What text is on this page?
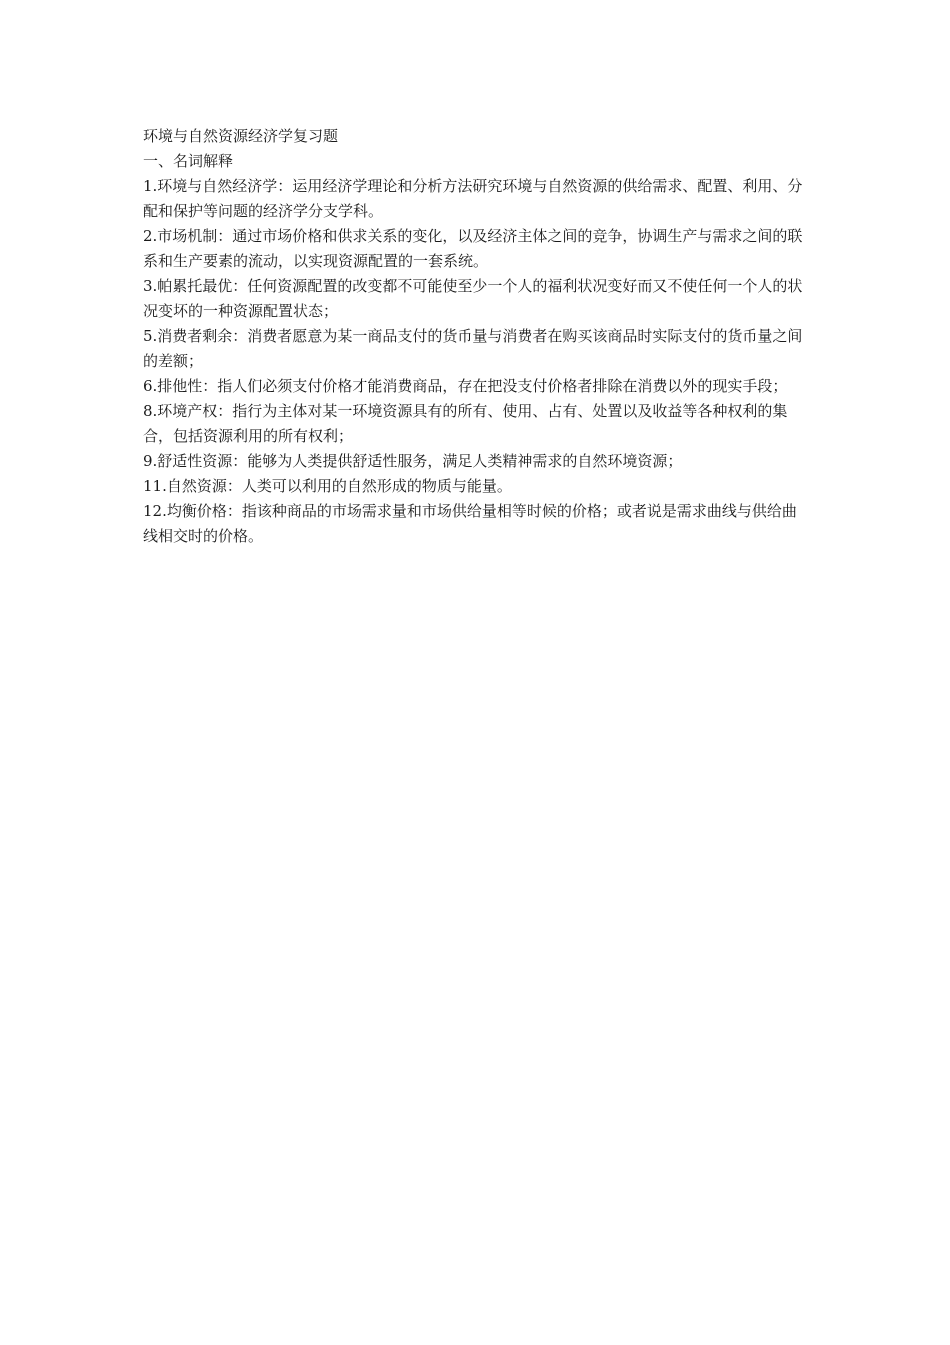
环境与自然资源经济学复习题

一、名词解释

1.环境与自然经济学：运用经济学理论和分析方法研究环境与自然资源的供给需求、配置、利用、分配和保护等问题的经济学分支学科。

2.市场机制：通过市场价格和供求关系的变化，以及经济主体之间的竞争，协调生产与需求之间的联系和生产要素的流动，以实现资源配置的一套系统。

3.帕累托最优：任何资源配置的改变都不可能使至少一个人的福利状况变好而又不使任何一个人的状况变坏的一种资源配置状态；

5.消费者剩余：消费者愿意为某一商品支付的货币量与消费者在购买该商品时实际支付的货币量之间的差额；

6.排他性：指人们必须支付价格才能消费商品，存在把没支付价格者排除在消费以外的现实手段；

8.环境产权：指行为主体对某一环境资源具有的所有、使用、占有、处置以及收益等各种权利的集合，包括资源利用的所有权利；

9.舒适性资源：能够为人类提供舒适性服务，满足人类精神需求的自然环境资源；

11.自然资源：人类可以利用的自然形成的物质与能量。

12.均衡价格：指该种商品的市场需求量和市场供给量相等时候的价格；或者说是需求曲线与供给曲线相交时的价格。
